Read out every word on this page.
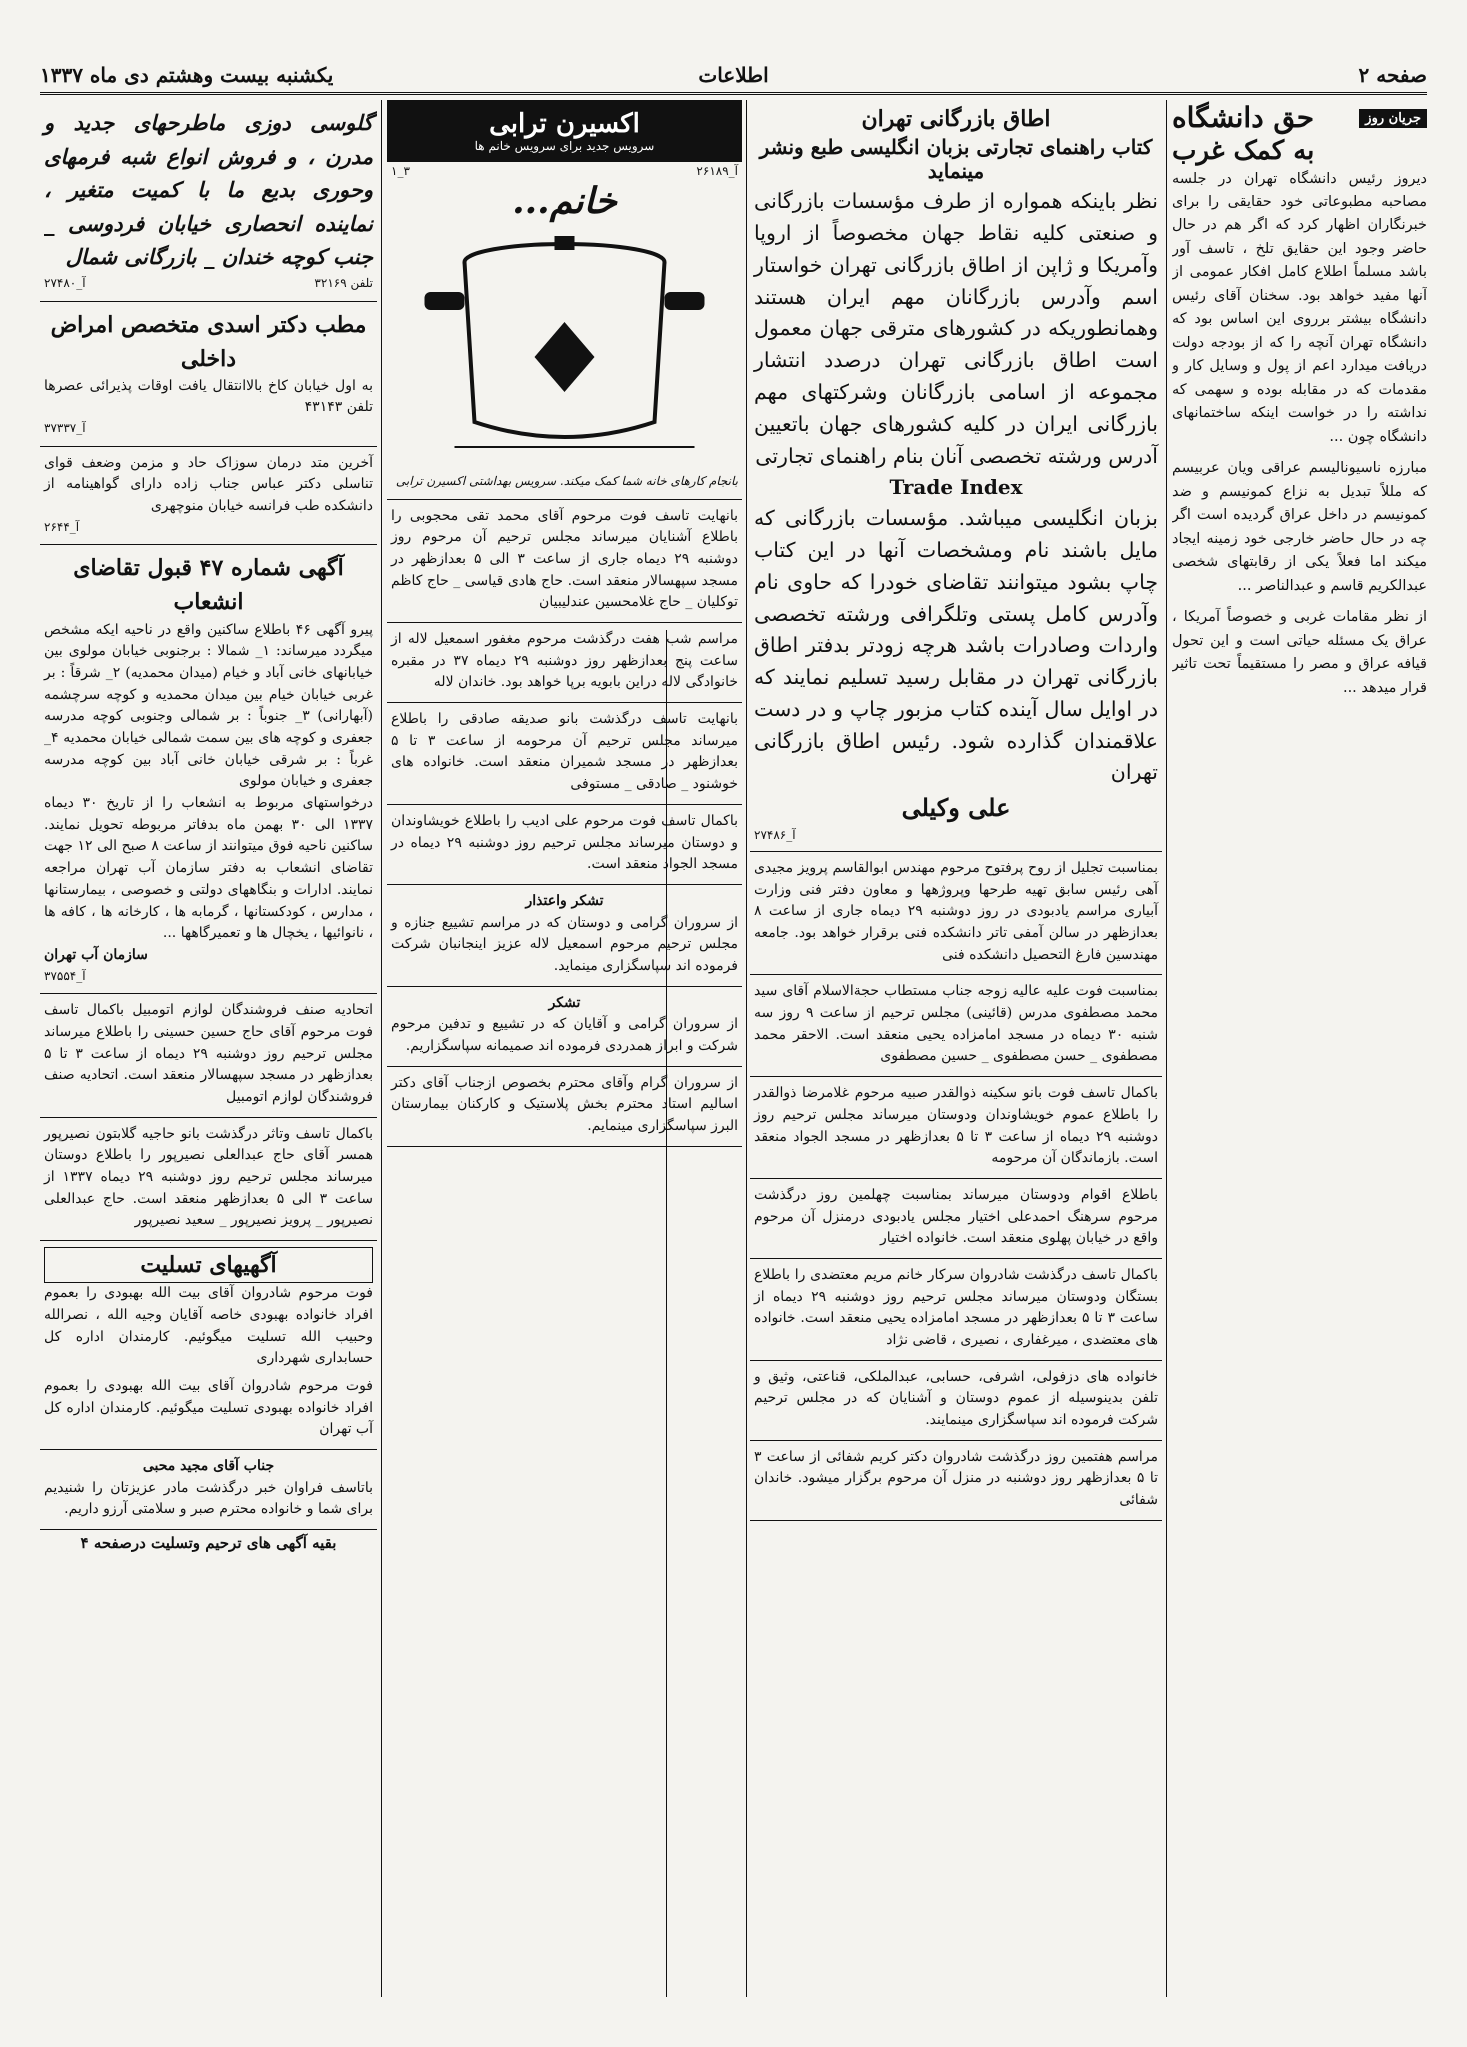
صفحه ۲
اطلاعات
یکشنبه بیست وهشتم دی ماه ۱۳۳۷
جریان روز
حق دانشگاه
به کمک غرب
دیروز رئیس دانشگاه تهران در جلسه مصاحبه مطبوعاتی خود حقایقی را برای خبرنگاران اظهار کرد که اگر هم در حال حاضر وجود این حقایق تلخ ، تاسف آور باشد مسلماً اطلاع کامل افکار عمومی از آنها مفید خواهد بود. سخنان آقای رئیس دانشگاه بیشتر برروی این اساس بود که دانشگاه تهران آنچه را که از بودجه دولت دریافت میدارد اعم از پول و وسایل کار و مقدمات که در مقابله بوده و سهمی که نداشته را در خواست اینکه ساختمانهای دانشگاه چون ...
مبارزه ناسیونالیسم عراقی ویان عربیسم که مللاً تبدیل به نزاع کمونیسم و ضد کمونیسم در داخل عراق گردیده است اگر چه در حال حاضر خارجی خود زمینه ایجاد میکند اما فعلاً یکی از رقابتهای شخصی عبدالکریم قاسم و عبدالناصر ...
از نظر مقامات غربی و خصوصاً آمریکا ، عراق یک مسئله حیاتی است و این تحول قیافه عراق و مصر را مستقیماً تحت تاثیر قرار میدهد ...
اطاق بازرگانی تهران
کتاب راهنمای تجارتی بزبان انگلیسی طبع ونشر مینماید
نظر باینکه همواره از طرف مؤسسات بازرگانی و صنعتی کلیه نقاط جهان مخصوصاً از اروپا وآمریکا و ژاپن از اطاق بازرگانی تهران خواستار اسم وآدرس بازرگانان مهم ایران هستند وهمانطوریکه در کشورهای مترقی جهان معمول است اطاق بازرگانی تهران درصدد انتشار مجموعه از اسامی بازرگانان وشرکتهای مهم بازرگانی ایران در کلیه کشورهای جهان باتعیین آدرس ورشته تخصصی آنان بنام راهنمای تجارتی
Trade Index
بزبان انگلیسی میباشد. مؤسسات بازرگانی که مایل باشند نام ومشخصات آنها در این کتاب چاپ بشود میتوانند تقاضای خودرا که حاوی نام وآدرس کامل پستی وتلگرافی ورشته تخصصی واردات وصادرات باشد هرچه زودتر بدفتر اطاق بازرگانی تهران در مقابل رسید تسلیم نمایند که در اوایل سال آینده کتاب مزبور چاپ و در دست علاقمندان گذارده شود. رئیس اطاق بازرگانی تهران
علی وکیلی
آ_۲۷۴۸۶
بمناسبت تجلیل از روح پرفتوح مرحوم مهندس ابوالقاسم پرویز مجیدی آهی رئیس سابق تهیه طرحها وپروژهها و معاون دفتر فنی وزارت آبیاری مراسم یادبودی در روز دوشنبه ۲۹ دیماه جاری از ساعت ۸ بعدازظهر در سالن آمفی تاتر دانشکده فنی برقرار خواهد بود. جامعه مهندسین فارغ التحصیل دانشکده فنی
بمناسبت فوت علیه عالیه زوجه جناب مستطاب حجةالاسلام آقای سید محمد مصطفوی مدرس (قائینی) مجلس ترحیم از ساعت ۹ روز سه شنبه ۳۰ دیماه در مسجد امامزاده یحیی منعقد است. الاحقر محمد مصطفوی _ حسن مصطفوی _ حسین مصطفوی
باکمال تاسف فوت بانو سکینه ذوالقدر صبیه مرحوم غلامرضا ذوالقدر را باطلاع عموم خویشاوندان ودوستان میرساند مجلس ترحیم روز دوشنبه ۲۹ دیماه از ساعت ۳ تا ۵ بعدازظهر در مسجد الجواد منعقد است. بازماندگان آن مرحومه
باطلاع اقوام ودوستان میرساند بمناسبت چهلمین روز درگذشت مرحوم سرهنگ احمدعلی اختیار مجلس یادبودی درمنزل آن مرحوم واقع در خیابان پهلوی منعقد است. خانواده اختیار
باکمال تاسف درگذشت شادروان سرکار خانم مریم معتضدی را باطلاع بستگان ودوستان میرساند مجلس ترحیم روز دوشنبه ۲۹ دیماه از ساعت ۳ تا ۵ بعدازظهر در مسجد امامزاده یحیی منعقد است. خانواده های معتضدی ، میرغفاری ، نصیری ، قاضی نژاد
خانواده های دزفولی، اشرفی، حسابی، عبدالملکی، قناعتی، وثیق و تلفن بدینوسیله از عموم دوستان و آشنایان که در مجلس ترحیم شرکت فرموده اند سپاسگزاری مینمایند.
مراسم هفتمین روز درگذشت شادروان دکتر کریم شفائی از ساعت ۳ تا ۵ بعدازظهر روز دوشنبه در منزل آن مرحوم برگزار میشود. خاندان شفائی
اکسیرن ترابی
سرویس جدید برای سرویس خانم ها
آ_۲۶۱۸۹
۳_۱
خانم...
بانجام کارهای خانه شما کمک میکند. سرویس بهداشتی اکسیرن ترابی
بانهایت تاسف فوت مرحوم آقای محمد تقی محجوبی را باطلاع آشنایان میرساند مجلس ترحیم آن مرحوم روز دوشنبه ۲۹ دیماه جاری از ساعت ۳ الی ۵ بعدازظهر در مسجد سپهسالار منعقد است. حاج هادی قیاسی _ حاج کاظم توکلیان _ حاج غلامحسین عندلیبیان
مراسم شب هفت درگذشت مرحوم مغفور اسمعیل لاله از ساعت پنج بعدازظهر روز دوشنبه ۲۹ دیماه ۳۷ در مقبره خانوادگی لاله دراین بابویه برپا خواهد بود. خاندان لاله
بانهایت تاسف درگذشت بانو صدیقه صادقی را باطلاع میرساند مجلس ترحیم آن مرحومه از ساعت ۳ تا ۵ بعدازظهر در مسجد شمیران منعقد است. خانواده های خوشنود _ صادقی _ مستوفی
باکمال تاسف فوت مرحوم علی ادیب را باطلاع خویشاوندان و دوستان میرساند مجلس ترحیم روز دوشنبه ۲۹ دیماه در مسجد الجواد منعقد است.
تشکر واعتذار
از سروران گرامی و دوستان که در مراسم تشییع جنازه و مجلس ترحیم مرحوم اسمعیل لاله عزیز اینجانبان شرکت فرموده اند سپاسگزاری مینماید.
تشکر
از سروران گرامی و آقایان که در تشییع و تدفین مرحوم شرکت و ابراز همدردی فرموده اند صمیمانه سپاسگزاریم.
از سروران گرام وآقای محترم بخصوص ازجناب آقای دکتر اسالیم استاد محترم بخش پلاستیک و کارکنان بیمارستان البرز سپاسگزاری مینمایم.
گلوسی دوزی ماطرحهای جدید و مدرن ، و فروش انواع شبه فرمهای وحوری بدیع ما با کمیت متغیر ، نماینده انحصاری خیابان فردوسی _ جنب کوچه خندان _ بازرگانی شمال
تلفن ۳۲۱۶۹
آ_۲۷۴۸۰
مطب دکتر اسدی متخصص امراض داخلی
به اول خیابان کاخ بالاانتقال یافت اوقات پذیرائی عصرها تلفن ۴۳۱۴۳
آ_۳۷۳۳۷
آخرین متد درمان سوزاک حاد و مزمن وضعف قوای تناسلی دکتر عباس جناب زاده دارای گواهینامه از دانشکده طب فرانسه خیابان منوچهری
آ_۲۶۴۴
آگهی شماره ۴۷ قبول تقاضای انشعاب
پیرو آگهی ۴۶ باطلاع ساکنین واقع در ناحیه ایکه مشخص میگردد میرساند: ۱_ شمالا : برجنوبی خیابان مولوی بین خیابانهای خانی آباد و خیام (میدان محمدیه) ۲_ شرقاً : بر غربی خیابان خیام بین میدان محمدیه و کوچه سرچشمه (آبهارانی) ۳_ جنوباً : بر شمالی وجنوبی کوچه مدرسه جعفری و کوچه های بین سمت شمالی خیابان محمدیه ۴_ غرباً : بر شرقی خیابان خانی آباد بین کوچه مدرسه جعفری و خیابان مولوی
درخواستهای مربوط به انشعاب را از تاریخ ۳۰ دیماه ۱۳۳۷ الی ۳۰ بهمن ماه بدفاتر مربوطه تحویل نمایند. ساکنین ناحیه فوق میتوانند از ساعت ۸ صبح الی ۱۲ جهت تقاضای انشعاب به دفتر سازمان آب تهران مراجعه نمایند. ادارات و بنگاههای دولتی و خصوصی ، بیمارستانها ، مدارس ، کودکستانها ، گرمابه ها ، کارخانه ها ، کافه ها ، نانوائیها ، یخچال ها و تعمیرگاهها ...
سازمان آب تهران
آ_۳۷۵۵۴
اتحادیه صنف فروشندگان لوازم اتومبیل باکمال تاسف فوت مرحوم آقای حاج حسین حسینی را باطلاع میرساند مجلس ترحیم روز دوشنبه ۲۹ دیماه از ساعت ۳ تا ۵ بعدازظهر در مسجد سپهسالار منعقد است. اتحادیه صنف فروشندگان لوازم اتومبیل
باکمال تاسف وتاثر درگذشت بانو حاجیه گلابتون نصیرپور همسر آقای حاج عبدالعلی نصیرپور را باطلاع دوستان میرساند مجلس ترحیم روز دوشنبه ۲۹ دیماه ۱۳۳۷ از ساعت ۳ الی ۵ بعدازظهر منعقد است. حاج عبدالعلی نصیرپور _ پرویز نصیرپور _ سعید نصیرپور
آگهیهای تسلیت
فوت مرحوم شادروان آقای بیت الله بهبودی را بعموم افراد خانواده بهبودی خاصه آقایان وجیه الله ، نصرالله وحبیب الله تسلیت میگوئیم. کارمندان اداره کل حسابداری شهرداری
فوت مرحوم شادروان آقای بیت الله بهبودی را بعموم افراد خانواده بهبودی تسلیت میگوئیم. کارمندان اداره کل آب تهران
جناب آقای مجید محبی
باتاسف فراوان خبر درگذشت مادر عزیزتان را شنیدیم برای شما و خانواده محترم صبر و سلامتی آرزو داریم.
بقیه آگهی های ترحیم وتسلیت درصفحه ۴
